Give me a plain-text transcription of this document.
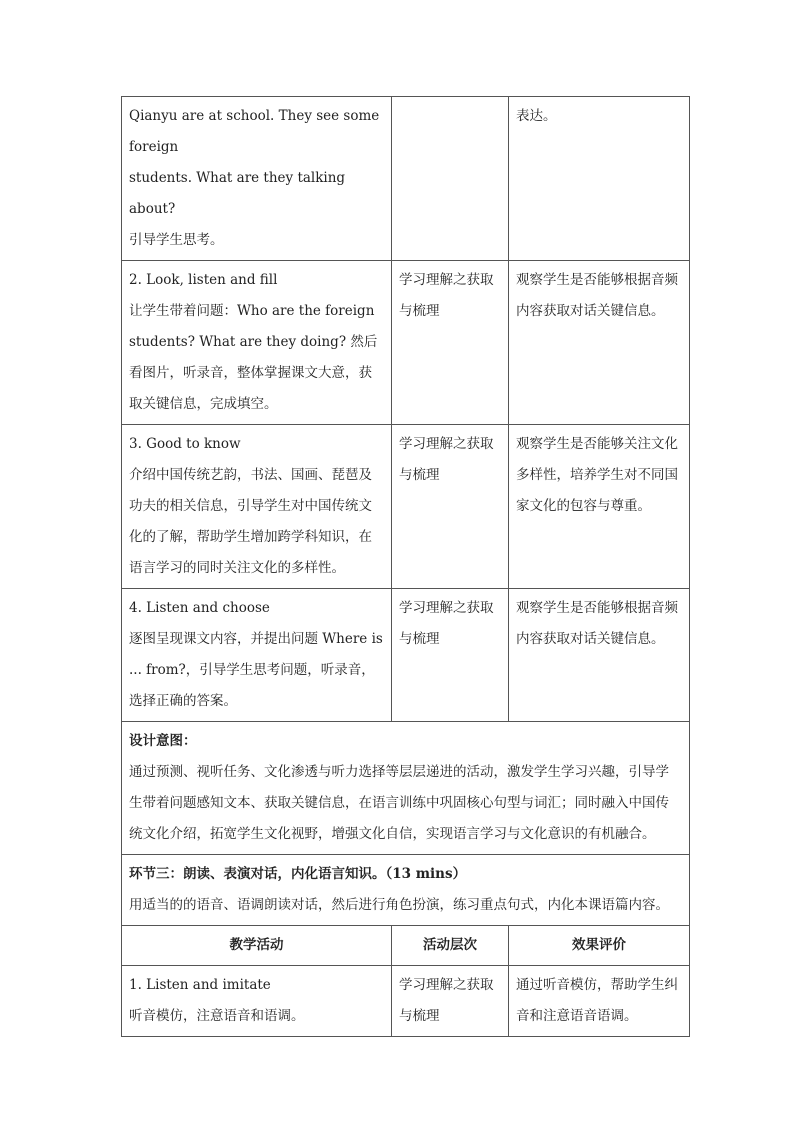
Qianyu are at school. They see some foreign
students. What are they talking about?
引导学生思考。		表达。

2. Look, listen and fill
让学生带着问题：Who are the foreign students? What are they doing? 然后看图片，听录音，整体掌握课文大意，获取关键信息，完成填空。	学习理解之获取与梳理	观察学生是否能够根据音频内容获取对话关键信息。

3. Good to know
介绍中国传统艺韵，书法、国画、琵琶及功夫的相关信息，引导学生对中国传统文化的了解，帮助学生增加跨学科知识，在语言学习的同时关注文化的多样性。	学习理解之获取与梳理	观察学生是否能够关注文化多样性，培养学生对不同国家文化的包容与尊重。

4. Listen and choose
逐图呈现课文内容，并提出问题 Where is ... from?，引导学生思考问题，听录音，选择正确的答案。	学习理解之获取与梳理	观察学生是否能够根据音频内容获取对话关键信息。

设计意图：
通过预测、视听任务、文化渗透与听力选择等层层递进的活动，激发学生学习兴趣，引导学生带着问题感知文本、获取关键信息，在语言训练中巩固核心句型与词汇；同时融入中国传统文化介绍，拓宽学生文化视野，增强文化自信，实现语言学习与文化意识的有机融合。		

环节三：朗读、表演对话，内化语言知识。（13 mins）
用适当的的语音、语调朗读对话，然后进行角色扮演，练习重点句式，内化本课语篇内容。		
教学活动	活动层次	效果评价

1. Listen and imitate
听音模仿，注意语音和语调。	学习理解之获取与梳理	通过听音模仿，帮助学生纠音和注意语音语调。
